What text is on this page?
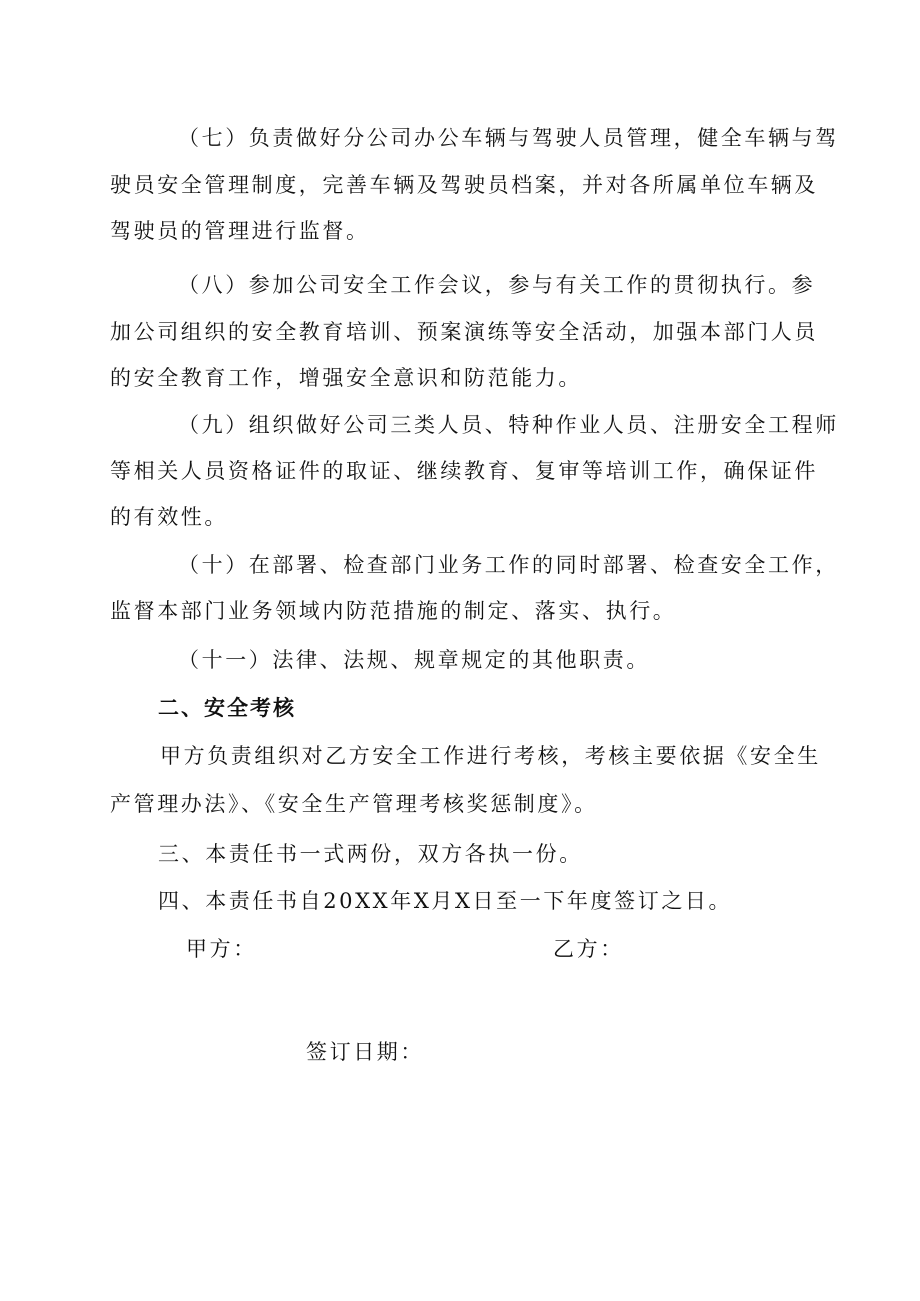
（七）负责做好分公司办公车辆与驾驶人员管理，健全车辆与驾
驶员安全管理制度，完善车辆及驾驶员档案，并对各所属单位车辆及
驾驶员的管理进行监督。
（八）参加公司安全工作会议，参与有关工作的贯彻执行。参
加公司组织的安全教育培训、预案演练等安全活动，加强本部门人员
的安全教育工作，增强安全意识和防范能力。
（九）组织做好公司三类人员、特种作业人员、注册安全工程师
等相关人员资格证件的取证、继续教育、复审等培训工作，确保证件
的有效性。
（十）在部署、检查部门业务工作的同时部署、检查安全工作，
监督本部门业务领域内防范措施的制定、落实、执行。
（十一）法律、法规、规章规定的其他职责。
二、安全考核
甲方负责组织对乙方安全工作进行考核，考核主要依据《安全生
产管理办法》、《安全生产管理考核奖惩制度》。
三、本责任书一式两份，双方各执一份。
四、本责任书自20XX年X月X日至一下年度签订之日。
甲方：	乙方：
签订日期：
